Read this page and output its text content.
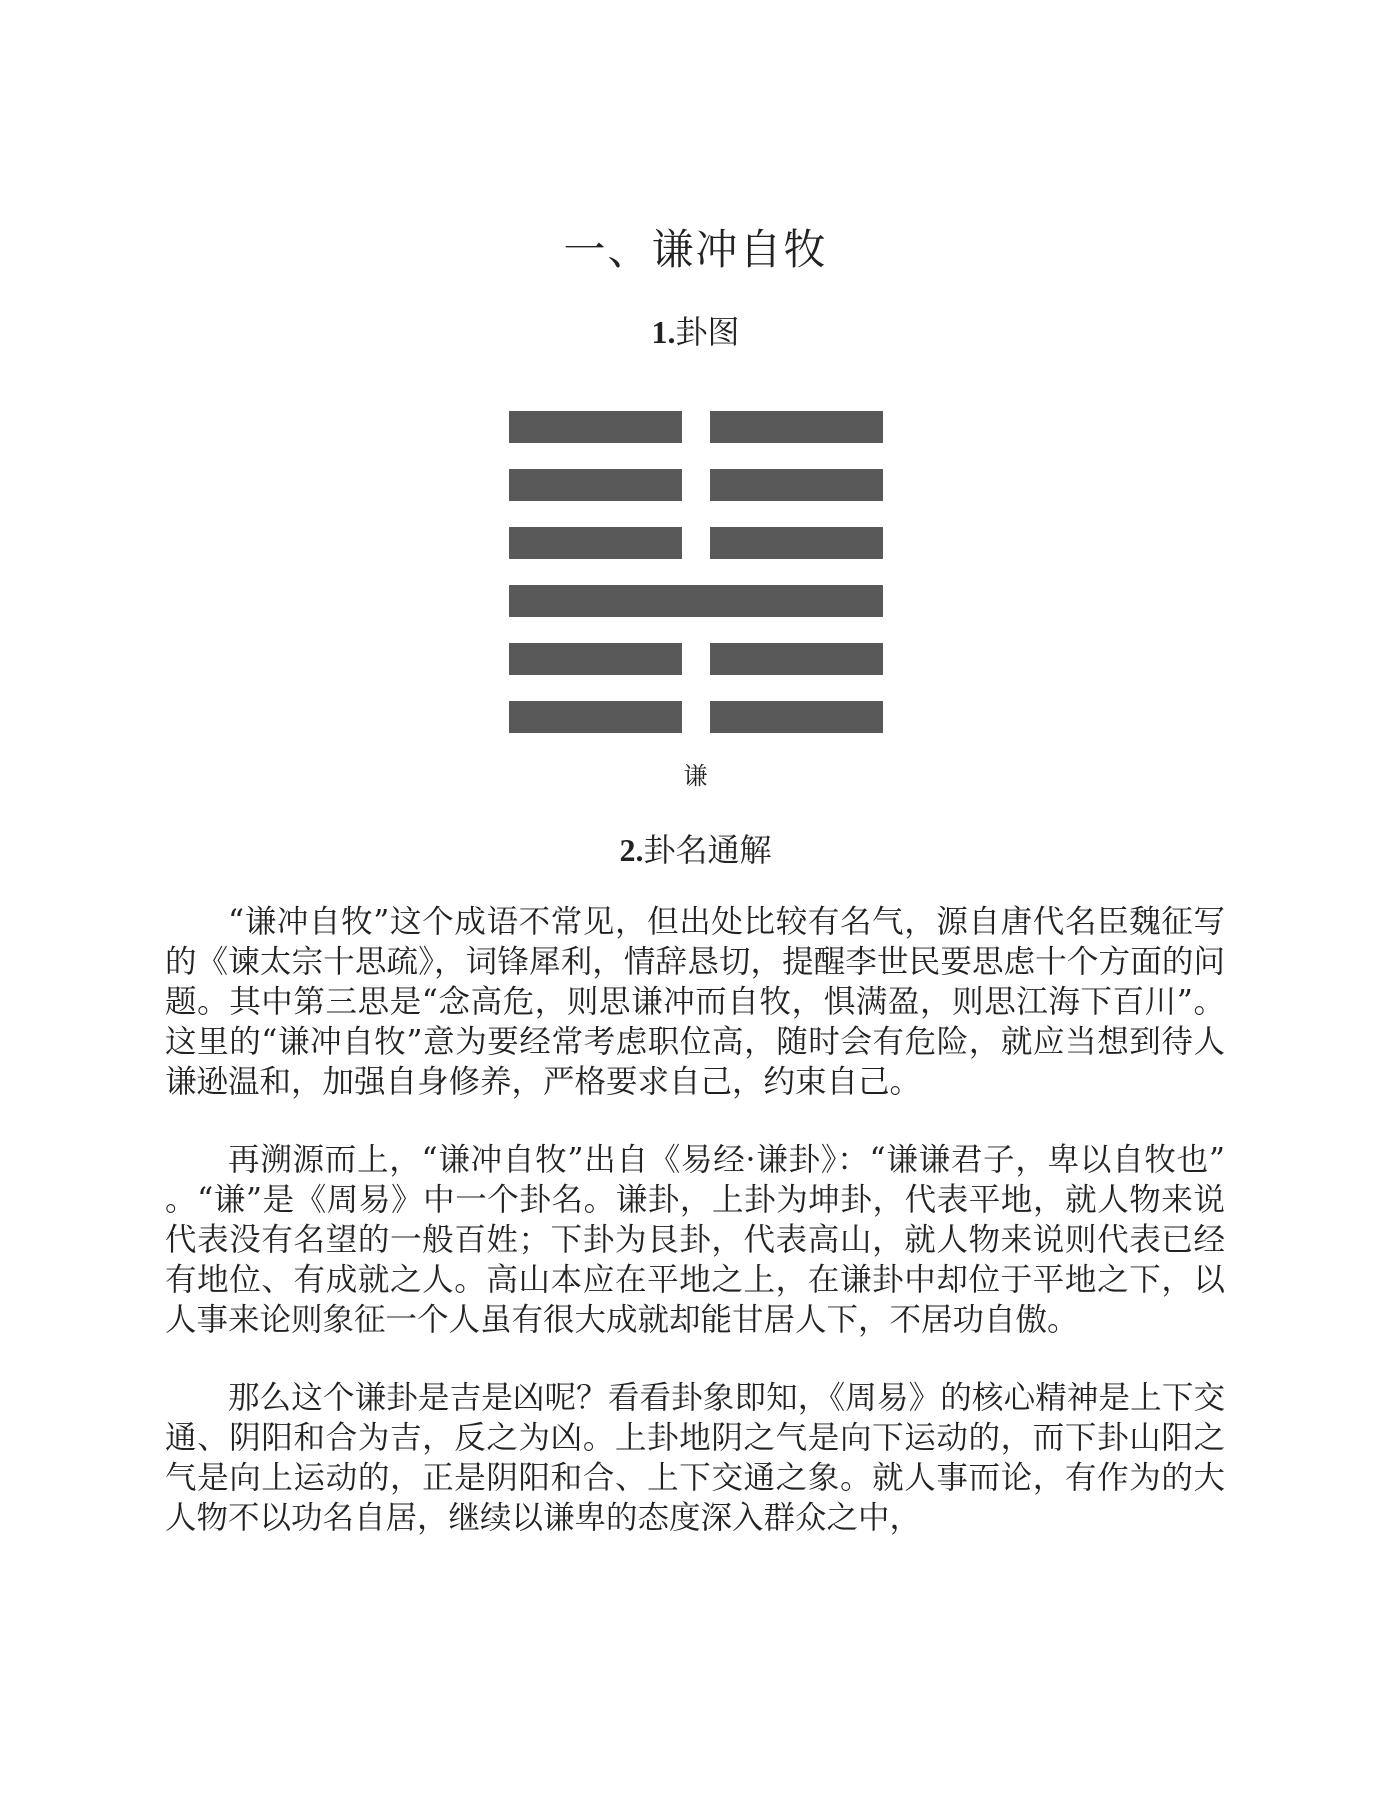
一、谦冲自牧
1.卦图
谦
2.卦名通解

“谦冲自牧”这个成语不常见，但出处比较有名气，源自唐代名臣魏征写的《谏太宗十思疏》，词锋犀利，情辞恳切，提醒李世民要思虑十个方面的问题。其中第三思是“念高危，则思谦冲而自牧，惧满盈，则思江海下百川”。这里的“谦冲自牧”意为要经常考虑职位高，随时会有危险，就应当想到待人谦逊温和，加强自身修养，严格要求自己，约束自己。

再溯源而上，“谦冲自牧”出自《易经·谦卦》：“谦谦君子，卑以自牧也”。“谦”是《周易》中一个卦名。谦卦，上卦为坤卦，代表平地，就人物来说代表没有名望的一般百姓；下卦为艮卦，代表高山，就人物来说则代表已经有地位、有成就之人。高山本应在平地之上，在谦卦中却位于平地之下，以人事来论则象征一个人虽有很大成就却能甘居人下，不居功自傲。

那么这个谦卦是吉是凶呢？看看卦象即知，《周易》的核心精神是上下交通、阴阳和合为吉，反之为凶。上卦地阴之气是向下运动的，而下卦山阳之气是向上运动的，正是阴阳和合、上下交通之象。就人事而论，有作为的大人物不以功名自居，继续以谦卑的态度深入群众之中，
